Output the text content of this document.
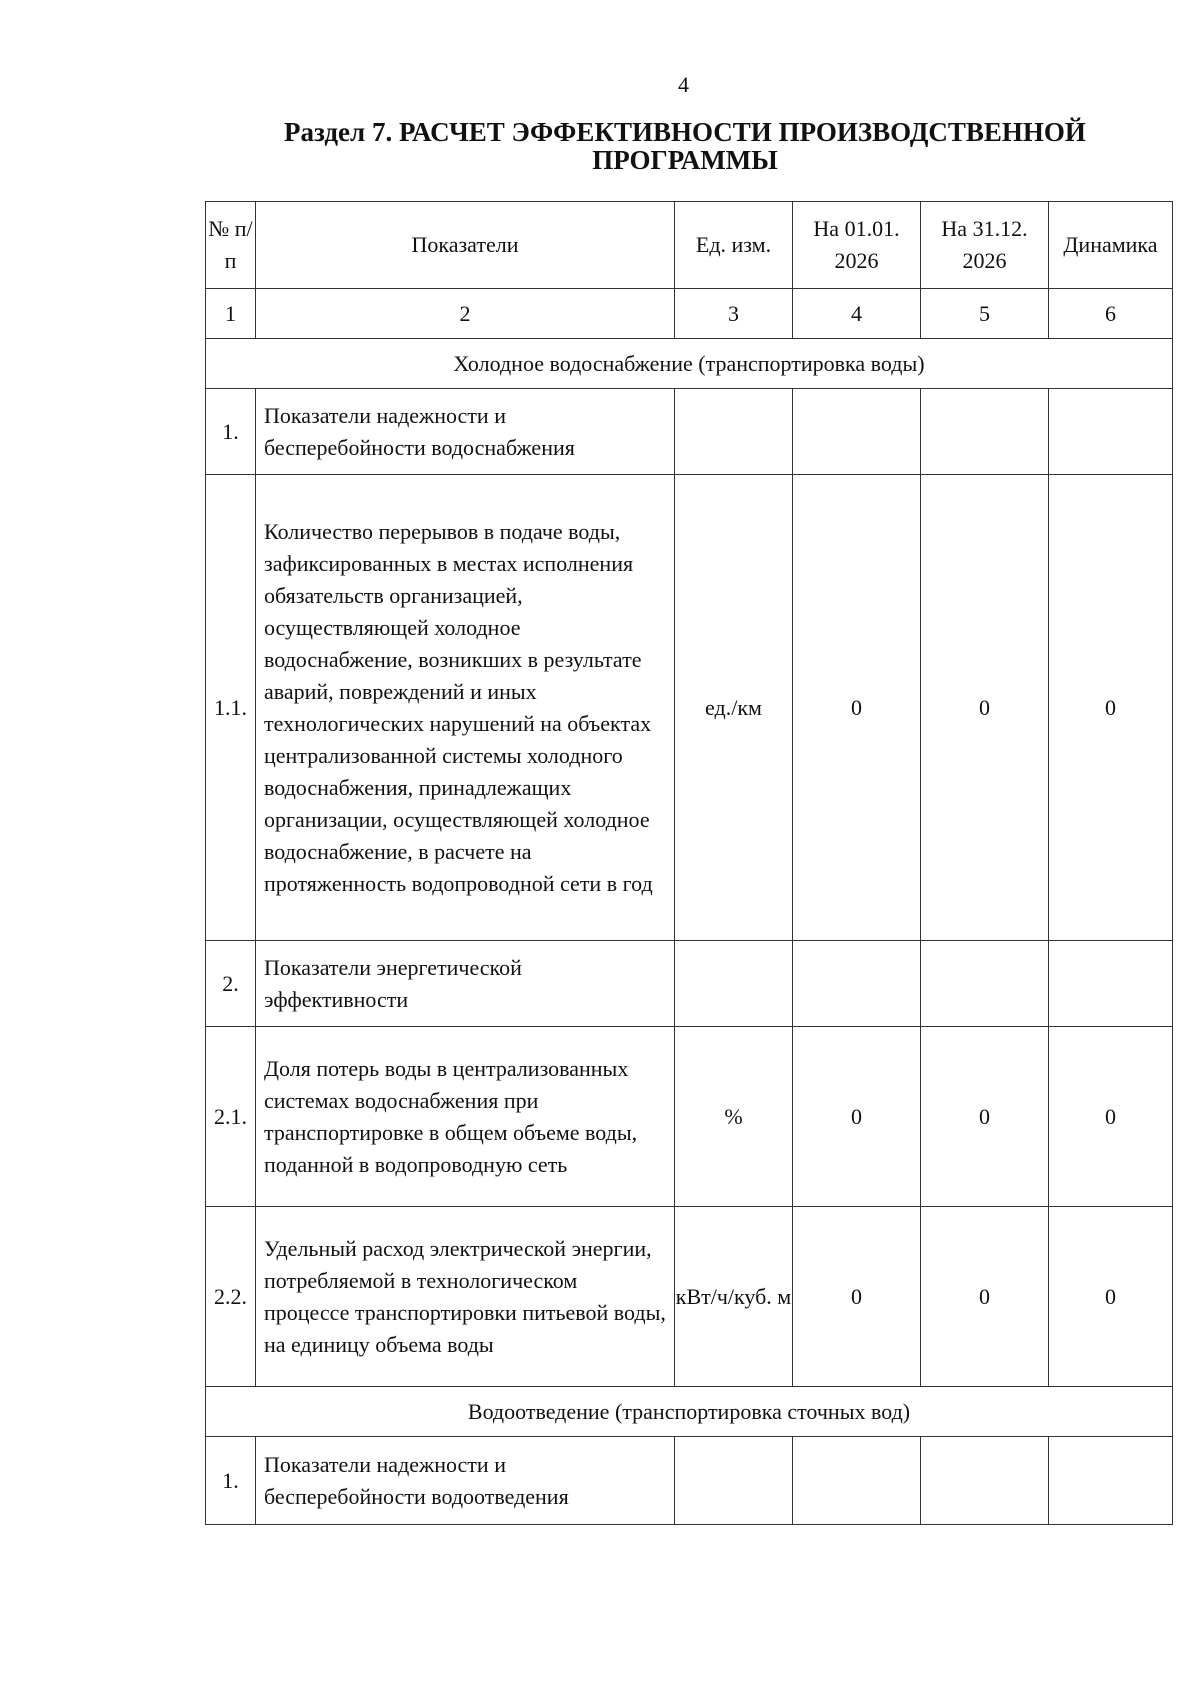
4
Раздел 7. РАСЧЕТ ЭФФЕКТИВНОСТИ ПРОИЗВОДСТВЕННОЙ
ПРОГРАММЫ
№ п/п	Показатели	Ед. изм.	На 01.01. 2026	На 31.12. 2026	Динамика
1	2	3	4	5	6
Холодное водоснабжение (транспортировка воды)					
1.	Показатели надежности и бесперебойности водоснабжения				
1.1.	Количество перерывов в подаче воды, зафиксированных в местах исполнения обязательств организацией, осуществляющей холодное водоснабжение, возникших в результате аварий, повреждений и иных технологических нарушений на объектах централизованной системы холодного водоснабжения, принадлежащих организации, осуществляющей холодное водоснабжение, в расчете на протяженность водопроводной сети в год	ед./км	0	0	0
2.	Показатели энергетической эффективности				
2.1.	Доля потерь воды в централизованных системах водоснабжения при транспортировке в общем объеме воды, поданной в водопроводную сеть	%	0	0	0
2.2.	Удельный расход электрической энергии, потребляемой в технологическом процессе транспортировки питьевой воды, на единицу объема воды	кВт/ч/куб. м	0	0	0
Водоотведение (транспортировка сточных вод)					
1.	Показатели надежности и бесперебойности водоотведения				
